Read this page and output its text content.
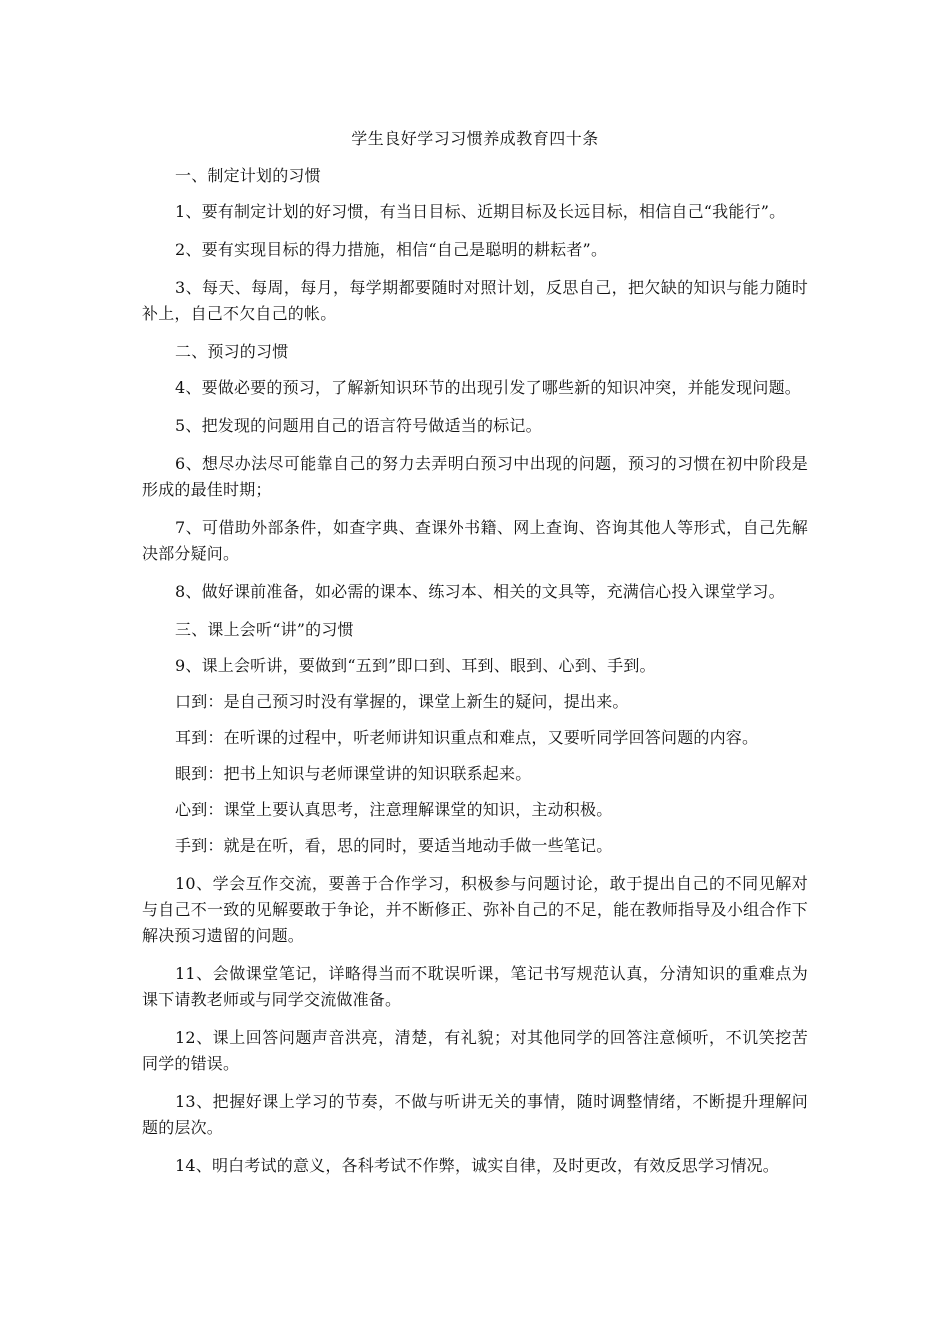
学生良好学习习惯养成教育四十条

一、制定计划的习惯

1、要有制定计划的好习惯，有当日目标、近期目标及长远目标，相信自己“我能行”。

2、要有实现目标的得力措施，相信“自己是聪明的耕耘者”。

3、每天、每周，每月，每学期都要随时对照计划，反思自己，把欠缺的知识与能力随时补上，自己不欠自己的帐。

二、预习的习惯

4、要做必要的预习，了解新知识环节的出现引发了哪些新的知识冲突，并能发现问题。

5、把发现的问题用自己的语言符号做适当的标记。

6、想尽办法尽可能靠自己的努力去弄明白预习中出现的问题，预习的习惯在初中阶段是形成的最佳时期；

7、可借助外部条件，如查字典、查课外书籍、网上查询、咨询其他人等形式，自己先解决部分疑问。

8、做好课前准备，如必需的课本、练习本、相关的文具等，充满信心投入课堂学习。

三、课上会听“讲”的习惯

9、课上会听讲，要做到“五到”即口到、耳到、眼到、心到、手到。

口到：是自己预习时没有掌握的，课堂上新生的疑问，提出来。

耳到：在听课的过程中，听老师讲知识重点和难点，又要听同学回答问题的内容。

眼到：把书上知识与老师课堂讲的知识联系起来。

心到：课堂上要认真思考，注意理解课堂的知识，主动积极。

手到：就是在听，看，思的同时，要适当地动手做一些笔记。

10、学会互作交流，要善于合作学习，积极参与问题讨论，敢于提出自己的不同见解对与自己不一致的见解要敢于争论，并不断修正、弥补自己的不足，能在教师指导及小组合作下解决预习遗留的问题。

11、会做课堂笔记，详略得当而不耽误听课，笔记书写规范认真，分清知识的重难点为课下请教老师或与同学交流做准备。

12、课上回答问题声音洪亮，清楚，有礼貌；对其他同学的回答注意倾听，不讥笑挖苦同学的错误。

13、把握好课上学习的节奏，不做与听讲无关的事情，随时调整情绪，不断提升理解问题的层次。

14、明白考试的意义，各科考试不作弊，诚实自律，及时更改，有效反思学习情况。
